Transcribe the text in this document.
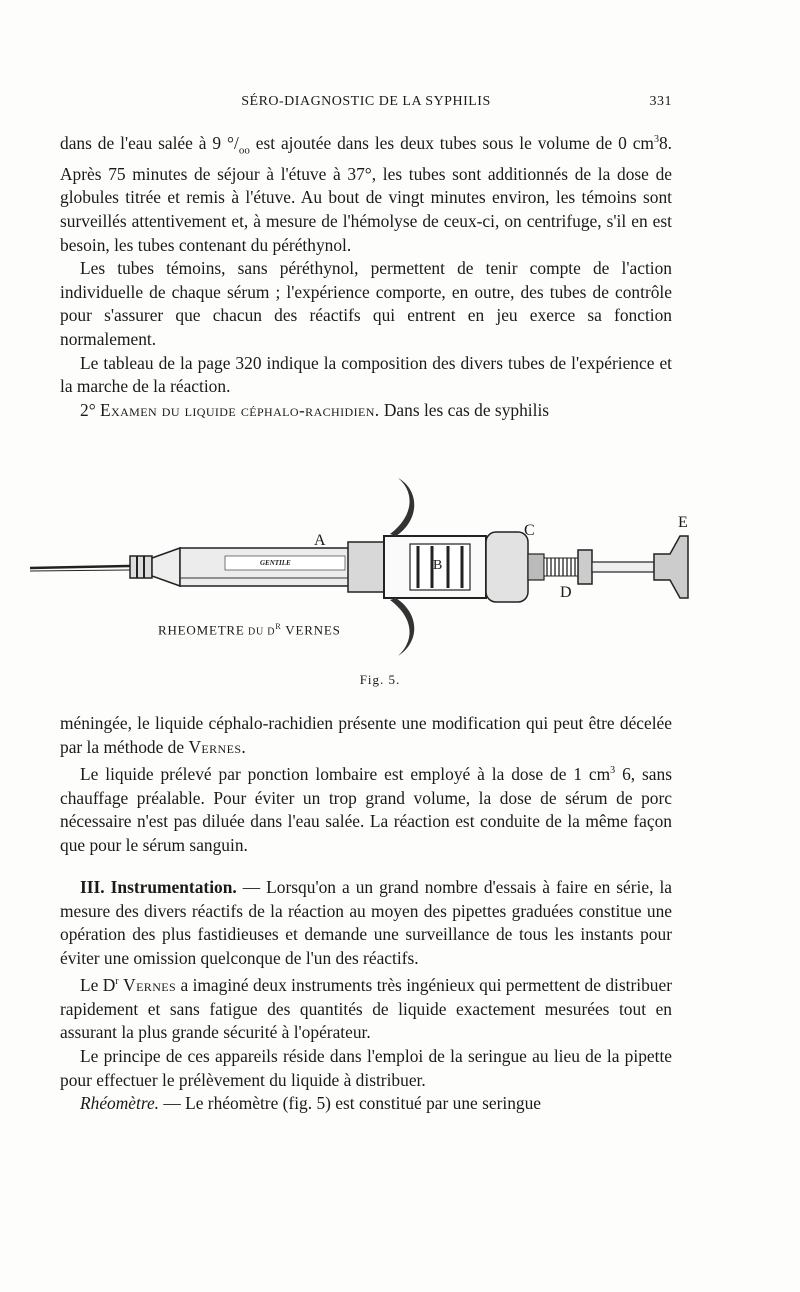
SÉRO-DIAGNOSTIC DE LA SYPHILIS	331

dans de l'eau salée à 9 $^\circ/_{oo}$ est ajoutée dans les deux tubes sous le volume de 0 $cm^38$. Après 75 minutes de séjour à l'étuve à 37°, les tubes sont additionnés de la dose de globules titrée et remis à l'étuve. Au bout de vingt minutes environ, les témoins sont surveillés attentivement et, à mesure de l'hémolyse de ceux-ci, on centrifuge, s'il en est besoin, les tubes contenant du péréthynol.

Les tubes témoins, sans péréthynol, permettent de tenir compte de l'action individuelle de chaque sérum ; l'expérience comporte, en outre, des tubes de contrôle pour s'assurer que chacun des réactifs qui entrent en jeu exerce sa fonction normalement.

Le tableau de la page 320 indique la composition des divers tubes de l'expérience et la marche de la réaction.

2° Examen du liquide céphalo-rachidien. Dans les cas de syphilis

A
B
C
D
E
GENTILE
RHEOMETRE DU $D^R$ VERNES
Fig. 5.

méningée, le liquide céphalo-rachidien présente une modification qui peut être décelée par la méthode de Vernes.

Le liquide prélevé par ponction lombaire est employé à la dose de 1 $cm^3$ 6, sans chauffage préalable. Pour éviter un trop grand volume, la dose de sérum de porc nécessaire n'est pas diluée dans l'eau salée. La réaction est conduite de la même façon que pour le sérum sanguin.

III. Instrumentation. — Lorsqu'on a un grand nombre d'essais à faire en série, la mesure des divers réactifs de la réaction au moyen des pipettes graduées constitue une opération des plus fastidieuses et demande une surveillance de tous les instants pour éviter une omission quelconque de l'un des réactifs.

Le $D^r$ Vernes a imaginé deux instruments très ingénieux qui permettent de distribuer rapidement et sans fatigue des quantités de liquide exactement mesurées tout en assurant la plus grande sécurité à l'opérateur.

Le principe de ces appareils réside dans l'emploi de la seringue au lieu de la pipette pour effectuer le prélèvement du liquide à distribuer.

Rhéomètre. — Le rhéomètre (fig. 5) est constitué par une seringue
